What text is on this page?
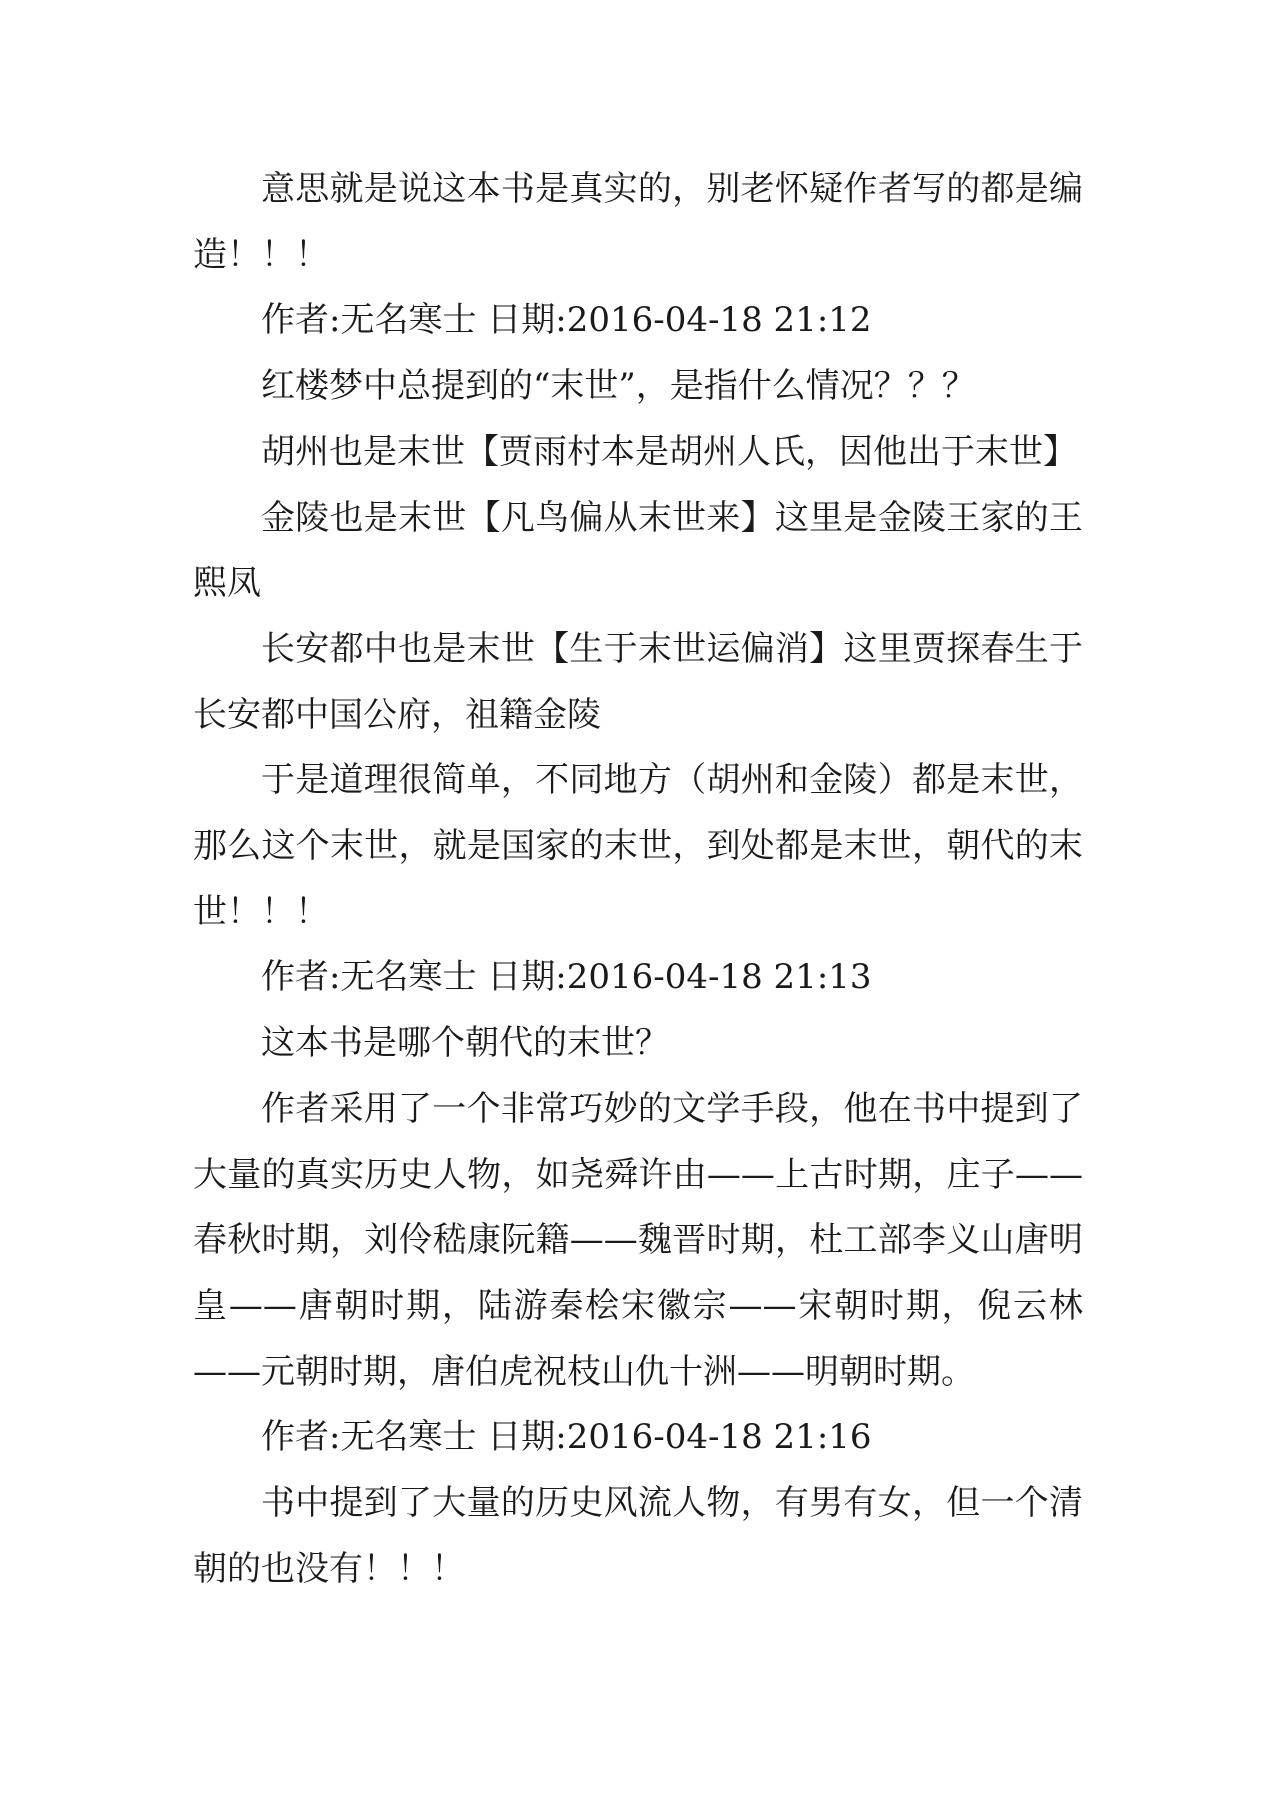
意思就是说这本书是真实的，别老怀疑作者写的都是编造！！！

作者:无名寒士 日期:2016-04-18 21:12

红楼梦中总提到的“末世”，是指什么情况？？？

胡州也是末世【贾雨村本是胡州人氏，因他出于末世】

金陵也是末世【凡鸟偏从末世来】这里是金陵王家的王熙凤

长安都中也是末世【生于末世运偏消】这里贾探春生于长安都中国公府，祖籍金陵

于是道理很简单，不同地方（胡州和金陵）都是末世，那么这个末世，就是国家的末世，到处都是末世，朝代的末世！！！

作者:无名寒士 日期:2016-04-18 21:13

这本书是哪个朝代的末世？

作者采用了一个非常巧妙的文学手段，他在书中提到了大量的真实历史人物，如尧舜许由——上古时期，庄子——春秋时期，刘伶嵇康阮籍——魏晋时期，杜工部李义山唐明皇——唐朝时期，陆游秦桧宋徽宗——宋朝时期，倪云林——元朝时期，唐伯虎祝枝山仇十洲——明朝时期。

作者:无名寒士 日期:2016-04-18 21:16

书中提到了大量的历史风流人物，有男有女，但一个清朝的也没有！！！
